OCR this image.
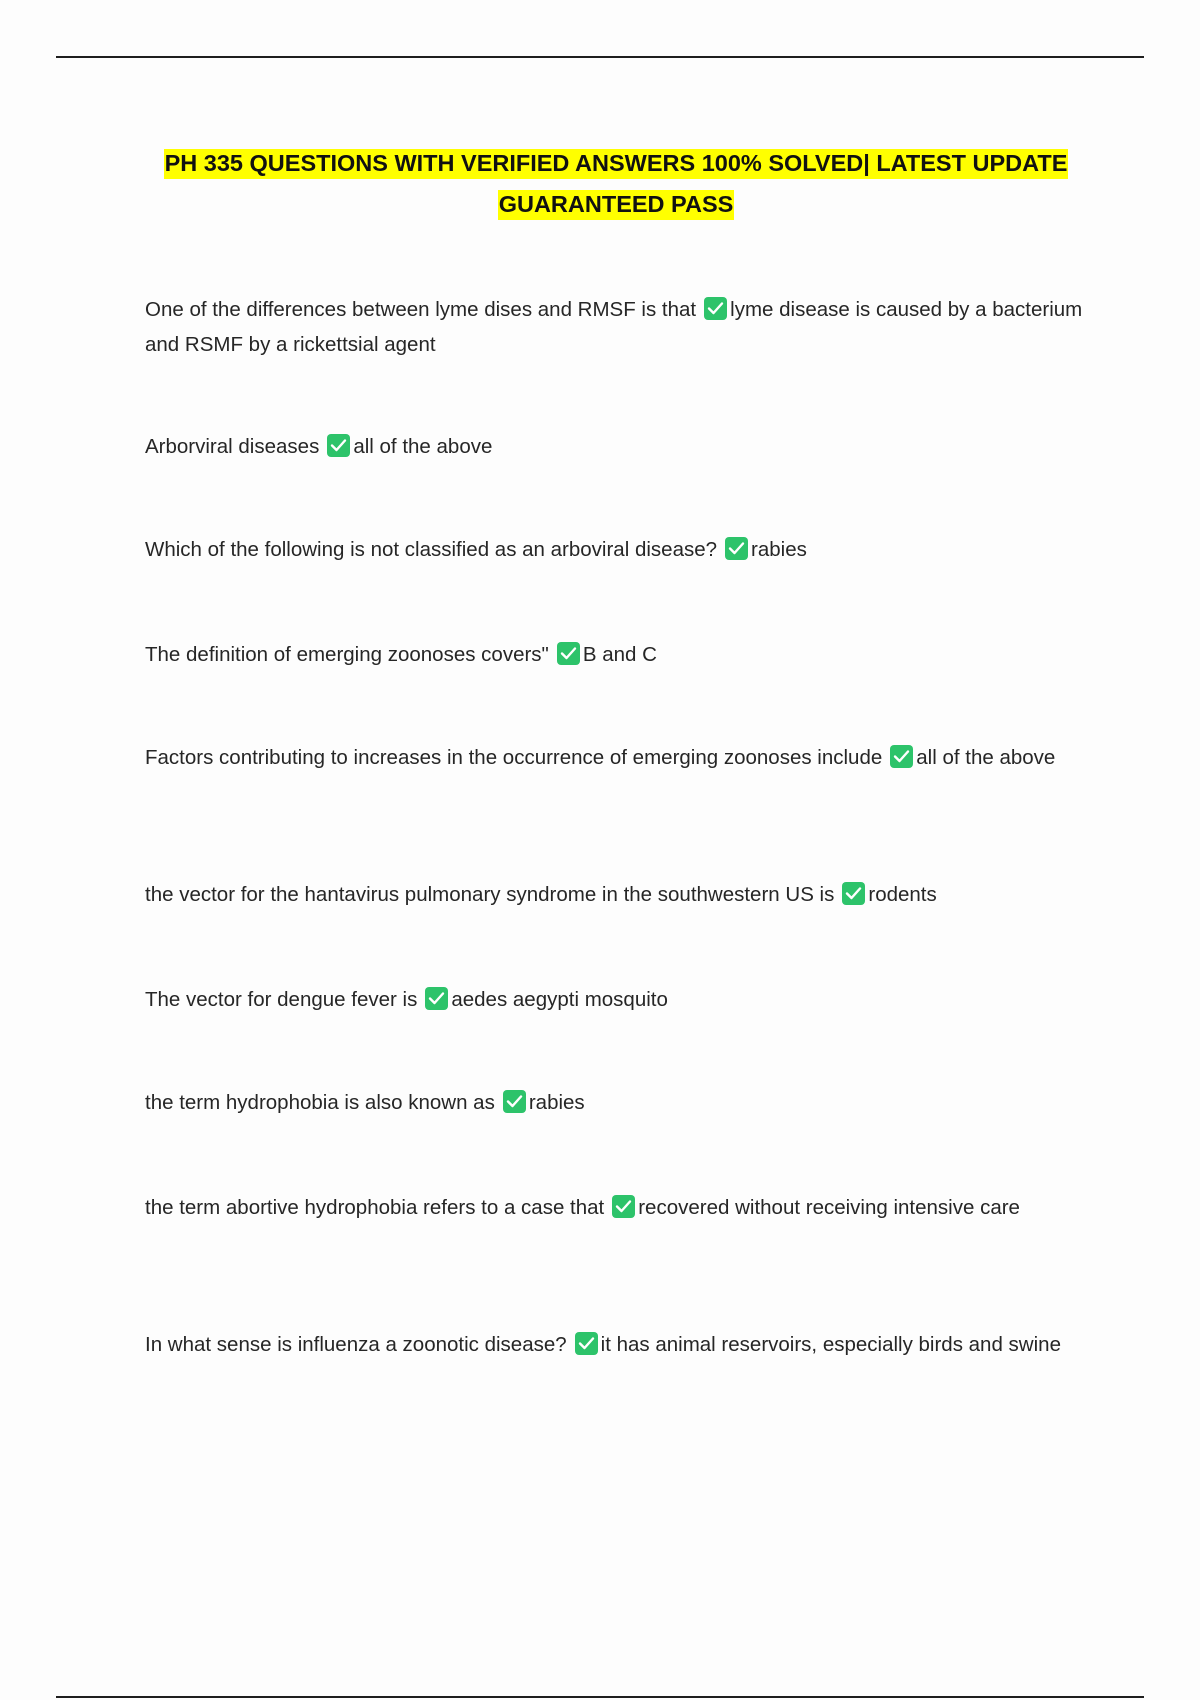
PH 335 QUESTIONS WITH VERIFIED ANSWERS 100% SOLVED| LATEST UPDATE
GUARANTEED PASS
One of the differences between lyme dises and RMSF is that lyme disease is caused by a bacterium and RSMF by a rickettsial agent
Arborviral diseases all of the above
Which of the following is not classified as an arboviral disease? rabies
The definition of emerging zoonoses covers" B and C
Factors contributing to increases in the occurrence of emerging zoonoses include all of the above
the vector for the hantavirus pulmonary syndrome in the southwestern US is rodents
The vector for dengue fever is aedes aegypti mosquito
the term hydrophobia is also known as rabies
the term abortive hydrophobia refers to a case that recovered without receiving intensive care
In what sense is influenza a zoonotic disease? it has animal reservoirs, especially birds and swine
